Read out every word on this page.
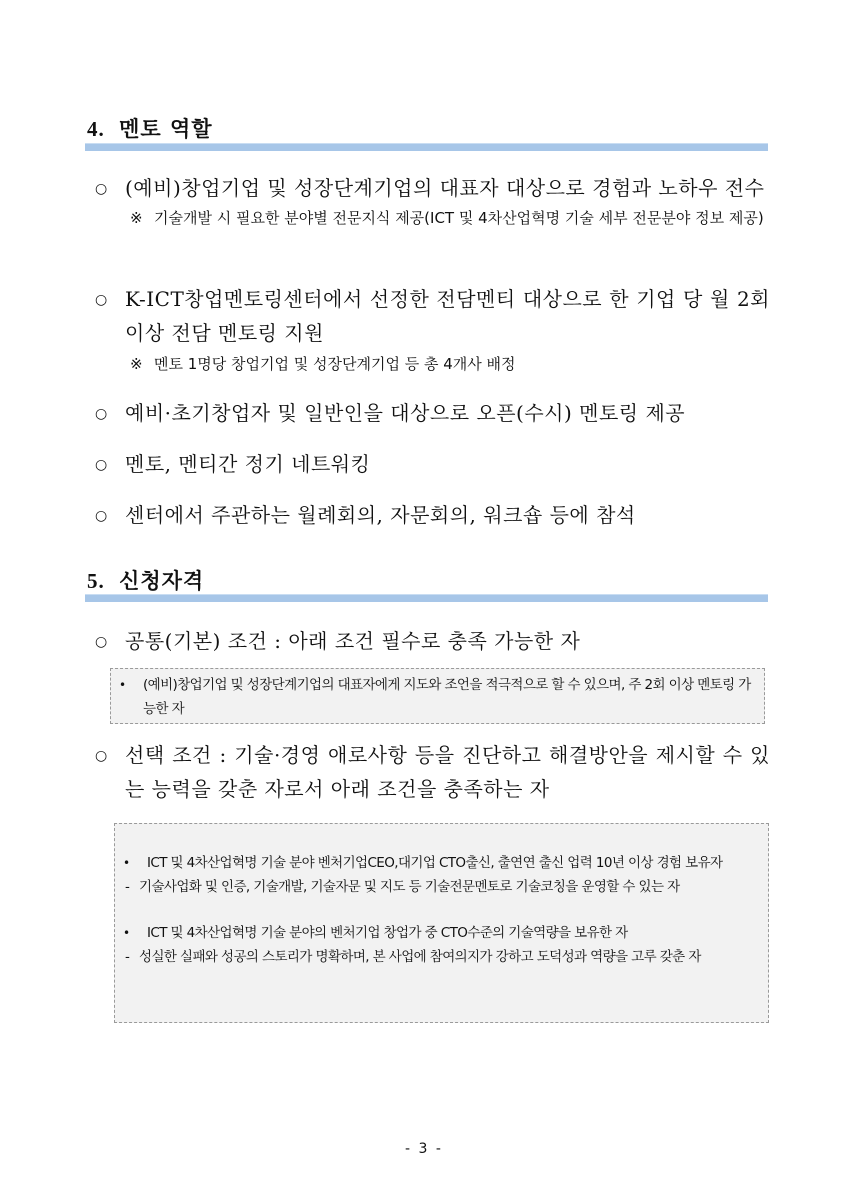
4. 멘토 역할
○ (예비)창업기업 및 성장단계기업의 대표자 대상으로 경험과 노하우 전수
※ 기술개발 시 필요한 분야별 전문지식 제공(ICT 및 4차산업혁명 기술 세부 전문분야 정보 제공)
○ K-ICT창업멘토링센터에서 선정한 전담멘티 대상으로 한 기업 당 월 2회 이상 전담 멘토링 지원
※ 멘토 1명당 창업기업 및 성장단계기업 등 총 4개사 배정
○ 예비·초기창업자 및 일반인을 대상으로 오픈(수시) 멘토링 제공
○ 멘토, 멘티간 정기 네트워킹
○ 센터에서 주관하는 월례회의, 자문회의, 워크숍 등에 참석
5. 신청자격
○ 공통(기본) 조건 : 아래 조건 필수로 충족 가능한 자
•	(예비)창업기업 및 성장단계기업의 대표자에게 지도와 조언을 적극적으로 할 수 있으며, 주 2회 이상 멘토링 가능한 자
○ 선택 조건 : 기술·경영 애로사항 등을 진단하고 해결방안을 제시할 수 있는 능력을 갖춘 자로서 아래 조건을 충족하는 자
•	ICT 및 4차산업혁명 기술 분야 벤처기업CEO,대기업 CTO출신, 출연연 출신 업력 10년 이상 경험 보유자
- 기술사업화 및 인증, 기술개발, 기술자문 및 지도 등 기술전문멘토로 기술코칭을 운영할 수 있는 자
•	ICT 및 4차산업혁명 기술 분야의 벤처기업 창업가 중 CTO수준의 기술역량을 보유한 자
- 성실한 실패와 성공의 스토리가 명확하며, 본 사업에 참여의지가 강하고 도덕성과 역량을 고루 갖춘 자
- 3 -
